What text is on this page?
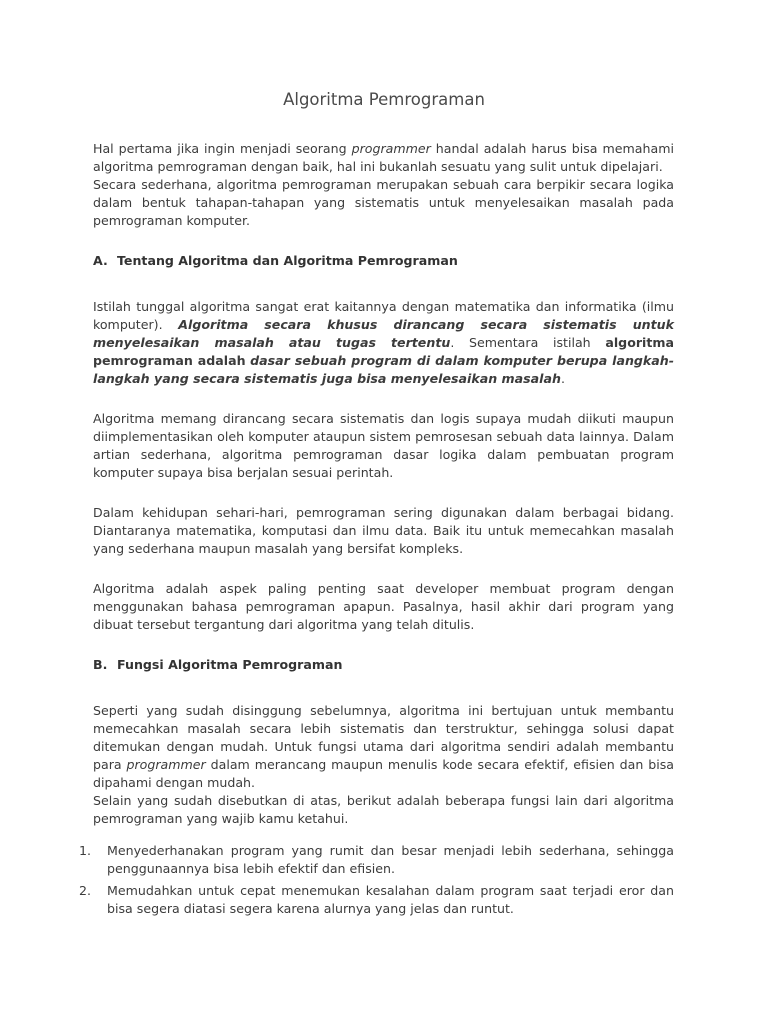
Algoritma Pemrograman

Hal pertama jika ingin menjadi seorang programmer handal adalah harus bisa memahami algoritma pemrograman dengan baik, hal ini bukanlah sesuatu yang sulit untuk dipelajari.

Secara sederhana, algoritma pemrograman merupakan sebuah cara berpikir secara logika dalam bentuk tahapan-tahapan yang sistematis untuk menyelesaikan masalah pada pemrograman komputer.

A. Tentang Algoritma dan Algoritma Pemrograman

Istilah tunggal algoritma sangat erat kaitannya dengan matematika dan informatika (ilmu komputer). Algoritma secara khusus dirancang secara sistematis untuk menyelesaikan masalah atau tugas tertentu. Sementara istilah algoritma pemrograman adalah dasar sebuah program di dalam komputer berupa langkah-langkah yang secara sistematis juga bisa menyelesaikan masalah.

Algoritma memang dirancang secara sistematis dan logis supaya mudah diikuti maupun diimplementasikan oleh komputer ataupun sistem pemrosesan sebuah data lainnya. Dalam artian sederhana, algoritma pemrograman dasar logika dalam pembuatan program komputer supaya bisa berjalan sesuai perintah.

Dalam kehidupan sehari-hari, pemrograman sering digunakan dalam berbagai bidang. Diantaranya matematika, komputasi dan ilmu data. Baik itu untuk memecahkan masalah yang sederhana maupun masalah yang bersifat kompleks.

Algoritma adalah aspek paling penting saat developer membuat program dengan menggunakan bahasa pemrograman apapun. Pasalnya, hasil akhir dari program yang dibuat tersebut tergantung dari algoritma yang telah ditulis.

B. Fungsi Algoritma Pemrograman

Seperti yang sudah disinggung sebelumnya, algoritma ini bertujuan untuk membantu memecahkan masalah secara lebih sistematis dan terstruktur, sehingga solusi dapat ditemukan dengan mudah. Untuk fungsi utama dari algoritma sendiri adalah membantu para programmer dalam merancang maupun menulis kode secara efektif, efisien dan bisa dipahami dengan mudah.

Selain yang sudah disebutkan di atas, berikut adalah beberapa fungsi lain dari algoritma pemrograman yang wajib kamu ketahui.

1.	Menyederhanakan program yang rumit dan besar menjadi lebih sederhana, sehingga penggunaannya bisa lebih efektif dan efisien.
2.	Memudahkan untuk cepat menemukan kesalahan dalam program saat terjadi eror dan bisa segera diatasi segera karena alurnya yang jelas dan runtut.
